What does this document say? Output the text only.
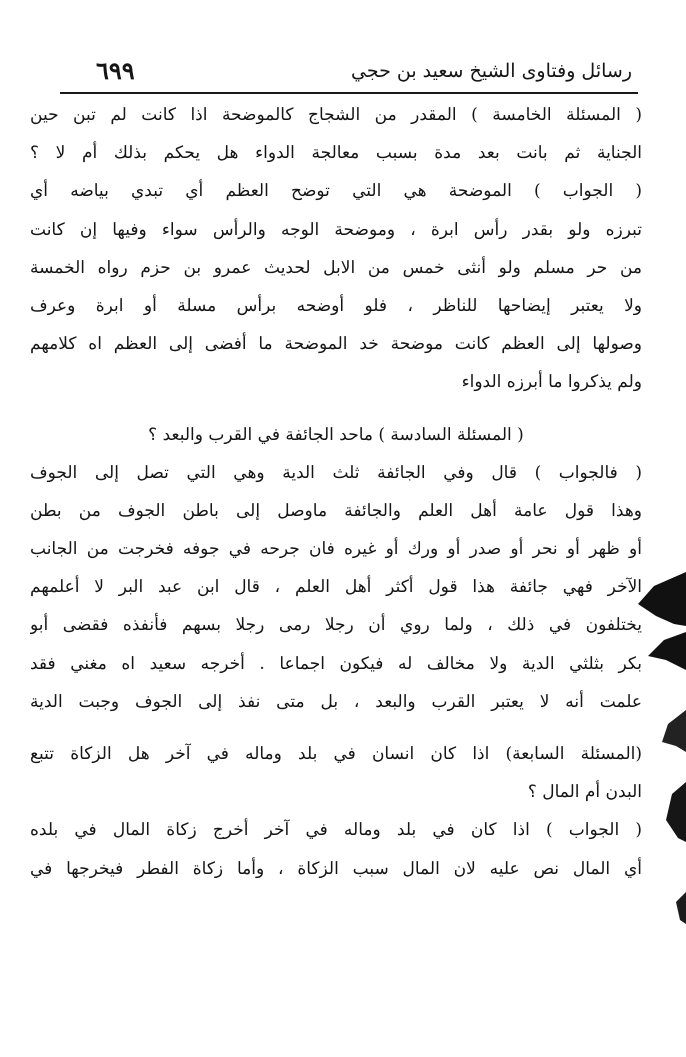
رسائل وفتاوى الشيخ سعيد بن حجي
٦٩٩
( المسئلة الخامسة ) المقدر من الشجاج كالموضحة اذا كانت لم تبن حين
الجناية ثم بانت بعد مدة بسبب معالجة الدواء هل يحكم بذلك أم لا ؟
( الجواب ) الموضحة هي التي توضح العظم أي تبدي بياضه أي
تبرزه ولو بقدر رأس ابرة ، وموضحة الوجه والرأس سواء وفيها إن كانت
من حر مسلم ولو أنثى خمس من الابل لحديث عمرو بن حزم رواه الخمسة
ولا يعتبر إيضاحها للناظر ، فلو أوضحه برأس مسلة أو ابرة وعرف
وصولها إلى العظم كانت موضحة خد الموضحة ما أفضى إلى العظم اه كلامهم
ولم يذكروا ما أبرزه الدواء
( المسئلة السادسة ) ماحد الجائفة في القرب والبعد ؟
( فالجواب ) قال وفي الجائفة ثلث الدية وهي التي تصل إلى الجوف
وهذا قول عامة أهل العلم والجائفة ماوصل إلى باطن الجوف من بطن
أو ظهر أو نحر أو صدر أو ورك أو غيره فان جرحه في جوفه فخرجت من الجانب
الآخر فهي جائفة هذا قول أكثر أهل العلم ، قال ابن عبد البر لا أعلمهم
يختلفون في ذلك ، ولما روي أن رجلا رمى رجلا بسهم فأنفذه فقضى أبو
بكر بثلثي الدية ولا مخالف له فيكون اجماعا . أخرجه سعيد اه مغني فقد
علمت أنه لا يعتبر القرب والبعد ، بل متى نفذ إلى الجوف وجبت الدية
(المسئلة السابعة) اذا كان انسان في بلد وماله في آخر هل الزكاة تتبع
البدن أم المال ؟
( الجواب ) اذا كان في بلد وماله في آخر أخرج زكاة المال في بلده
أي المال نص عليه لان المال سبب الزكاة ، وأما زكاة الفطر فيخرجها في
